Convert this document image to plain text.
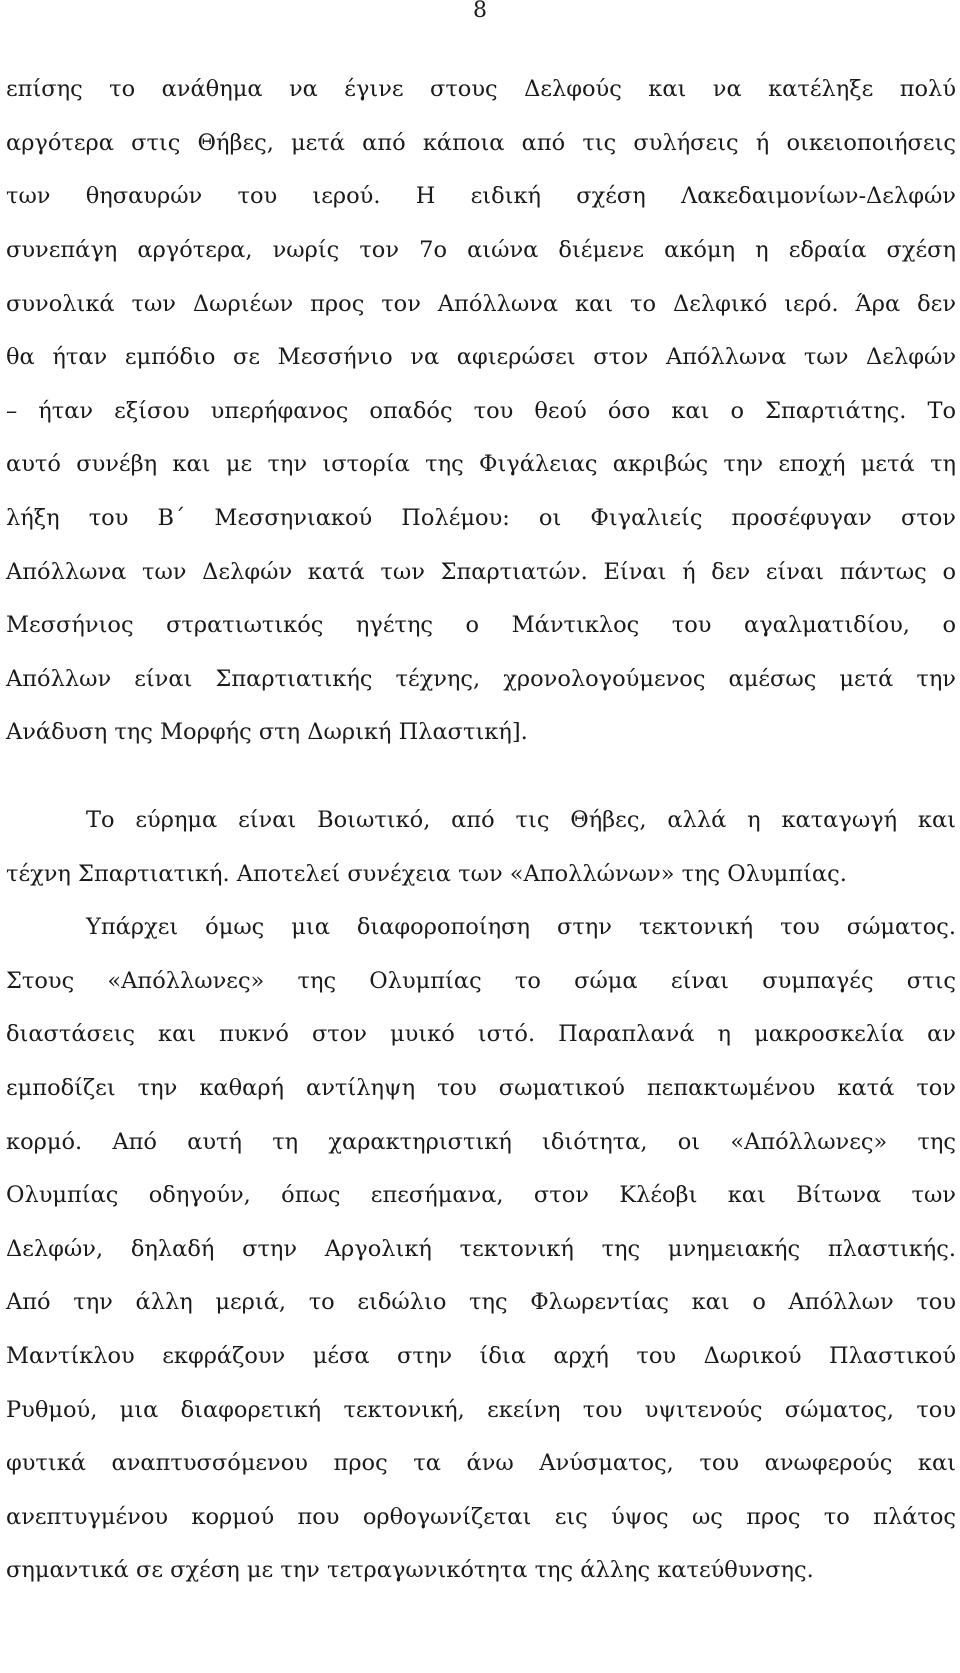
8
επίσης το ανάθημα να έγινε στους Δελφούς και να κατέληξε πολύ
αργότερα στις Θήβες, μετά από κάποια από τις συλήσεις ή οικειοποιήσεις
των θησαυρών του ιερού. Η ειδική σχέση Λακεδαιμονίων-Δελφών
συνεπάγη αργότερα, νωρίς τον 7ο αιώνα διέμενε ακόμη η εδραία σχέση
συνολικά των Δωριέων προς τον Απόλλωνα και το Δελφικό ιερό. Άρα δεν
θα ήταν εμπόδιο σε Μεσσήνιο να αφιερώσει στον Απόλλωνα των Δελφών
– ήταν εξίσου υπερήφανος οπαδός του θεού όσο και ο Σπαρτιάτης. Το
αυτό συνέβη και με την ιστορία της Φιγάλειας ακριβώς την εποχή μετά τη
λήξη του Β΄ Μεσσηνιακού Πολέμου: οι Φιγαλιείς προσέφυγαν στον
Απόλλωνα των Δελφών κατά των Σπαρτιατών. Είναι ή δεν είναι πάντως ο
Μεσσήνιος στρατιωτικός ηγέτης ο Μάντικλος του αγαλματιδίου, ο
Απόλλων είναι Σπαρτιατικής τέχνης, χρονολογούμενος αμέσως μετά την
Ανάδυση της Μορφής στη Δωρική Πλαστική].
Το εύρημα είναι Βοιωτικό, από τις Θήβες, αλλά η καταγωγή και
τέχνη Σπαρτιατική. Αποτελεί συνέχεια των «Απολλώνων» της Ολυμπίας.
Υπάρχει όμως μια διαφοροποίηση στην τεκτονική του σώματος.
Στους «Απόλλωνες» της Ολυμπίας το σώμα είναι συμπαγές στις
διαστάσεις και πυκνό στον μυικό ιστό. Παραπλανά η μακροσκελία αν
εμποδίζει την καθαρή αντίληψη του σωματικού πεπακτωμένου κατά τον
κορμό. Από αυτή τη χαρακτηριστική ιδιότητα, οι «Απόλλωνες» της
Ολυμπίας οδηγούν, όπως επεσήμανα, στον Κλέοβι και Βίτωνα των
Δελφών, δηλαδή στην Αργολική τεκτονική της μνημειακής πλαστικής.
Από την άλλη μεριά, το ειδώλιο της Φλωρεντίας και ο Απόλλων του
Μαντίκλου εκφράζουν μέσα στην ίδια αρχή του Δωρικού Πλαστικού
Ρυθμού, μια διαφορετική τεκτονική, εκείνη του υψιτενούς σώματος, του
φυτικά αναπτυσσόμενου προς τα άνω Ανύσματος, του ανωφερούς και
ανεπτυγμένου κορμού που ορθογωνίζεται εις ύψος ως προς το πλάτος
σημαντικά σε σχέση με την τετραγωνικότητα της άλλης κατεύθυνσης.
